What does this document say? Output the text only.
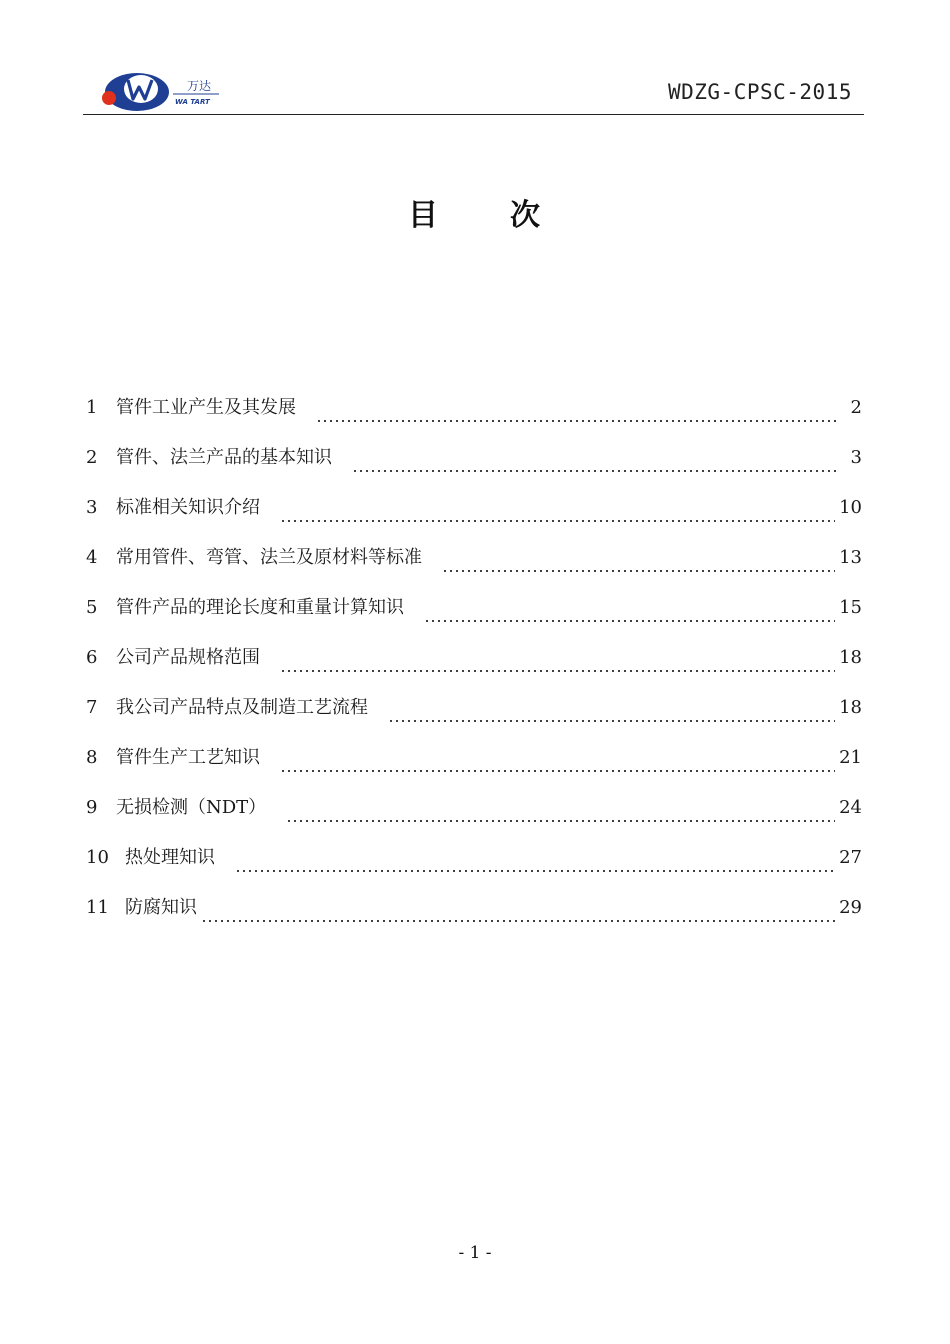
万达
WA TART	WDZG-CPSC-2015
目 次
1	管件工业产生及其发展	2
2	管件、法兰产品的基本知识	3
3	标准相关知识介绍	10
4	常用管件、弯管、法兰及原材料等标准	13
5	管件产品的理论长度和重量计算知识	15
6	公司产品规格范围	18
7	我公司产品特点及制造工艺流程	18
8	管件生产工艺知识	21
9	无损检测（NDT）	24
10 热处理知识	27
11 防腐知识	29
- 1 -
